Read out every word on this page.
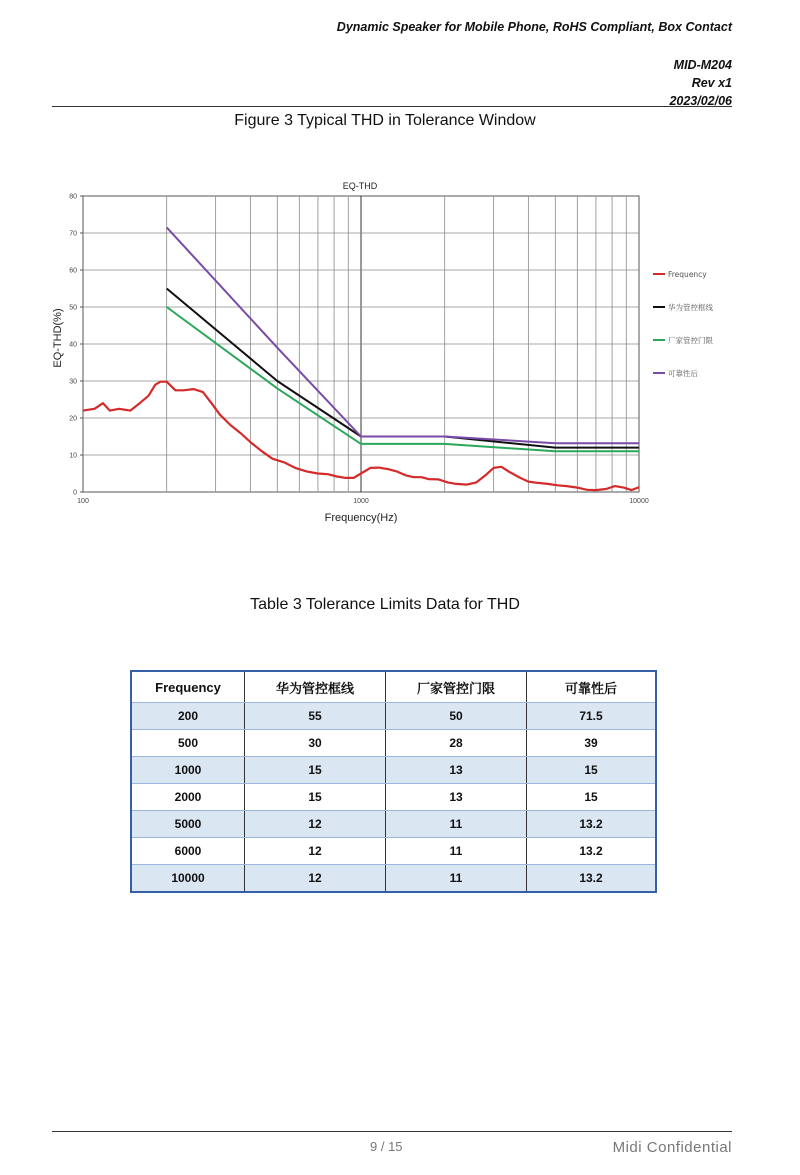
Dynamic Speaker for Mobile Phone, RoHS Compliant, Box Contact
MID-M204
Rev x1
2023/02/06
Figure 3 Typical THD in Tolerance Window
0
10
20
30
40
50
60
70
80
100	1000	10000
Frequency
华为管控框线
厂家管控门限
可靠性后
EQ-THD
Frequency(Hz)
EQ-THD(%)
Table 3 Tolerance Limits Data for THD
Frequency	华为管控框线	厂家管控门限	可靠性后
200	55	50	71.5
500	30	28	39
1000	15	13	15
2000	15	13	15
5000	12	11	13.2
6000	12	11	13.2
10000	12	11	13.2
9 / 15	Midi Confidential
